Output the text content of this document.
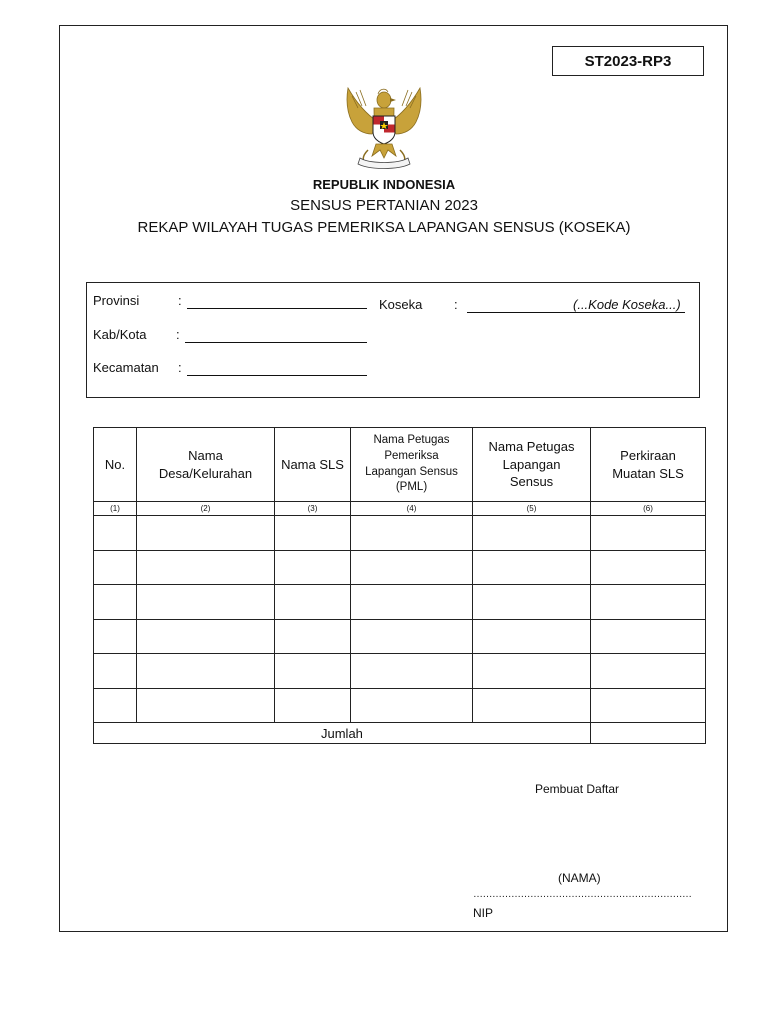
ST2023-RP3
REPUBLIK INDONESIA
SENSUS PERTANIAN 2023
REKAP WILAYAH TUGAS PEMERIKSA LAPANGAN SENSUS (KOSEKA)
Provinsi	:	Koseka :	(...Kode Koseka...)
Kab/Kota :
Kecamatan :
No.	Nama Desa/Kelurahan	Nama SLS	Nama Petugas Pemeriksa Lapangan Sensus (PML)	Nama Petugas Lapangan Sensus	Perkiraan Muatan SLS
(1)	(2)	(3)	(4)	(5)	(6)

Jumlah					
Pembuat Daftar
(NAMA)
……………………………………………………………
NIP
